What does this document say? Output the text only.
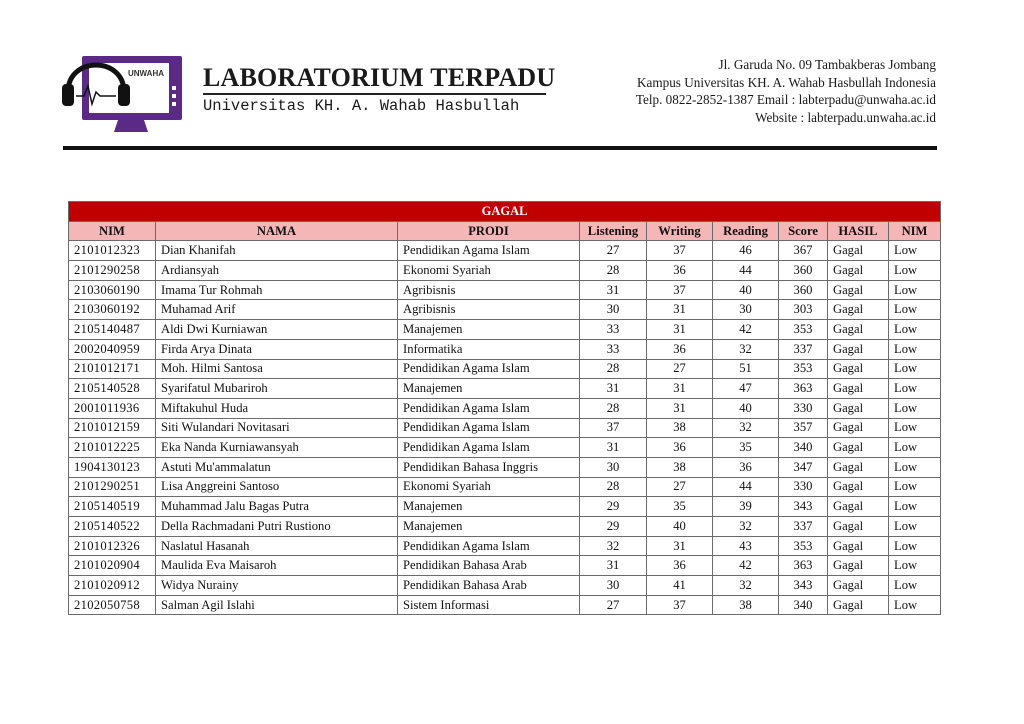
UNWAHA LABORATORIUM TERPADU
Universitas KH. A. Wahab Hasbullah
Jl. Garuda No. 09 Tambakberas Jombang
Kampus Universitas KH. A. Wahab Hasbullah Indonesia
Telp. 0822-2852-1387 Email : labterpadu@unwaha.ac.id
Website : labterpadu.unwaha.ac.id
GAGAL								
NIM	NAMA	PRODI	Listening	Writing	Reading	Score	HASIL	NIM
2101012323	Dian Khanifah	Pendidikan Agama Islam	27	37	46	367	Gagal	Low
2101290258	Ardiansyah	Ekonomi Syariah	28	36	44	360	Gagal	Low
2103060190	Imama Tur Rohmah	Agribisnis	31	37	40	360	Gagal	Low
2103060192	Muhamad Arif	Agribisnis	30	31	30	303	Gagal	Low
2105140487	Aldi Dwi Kurniawan	Manajemen	33	31	42	353	Gagal	Low
2002040959	Firda Arya Dinata	Informatika	33	36	32	337	Gagal	Low
2101012171	Moh. Hilmi Santosa	Pendidikan Agama Islam	28	27	51	353	Gagal	Low
2105140528	Syarifatul Mubariroh	Manajemen	31	31	47	363	Gagal	Low
2001011936	Miftakuhul Huda	Pendidikan Agama Islam	28	31	40	330	Gagal	Low
2101012159	Siti Wulandari Novitasari	Pendidikan Agama Islam	37	38	32	357	Gagal	Low
2101012225	Eka Nanda Kurniawansyah	Pendidikan Agama Islam	31	36	35	340	Gagal	Low
1904130123	Astuti Mu'ammalatun	Pendidikan Bahasa Inggris	30	38	36	347	Gagal	Low
2101290251	Lisa Anggreini Santoso	Ekonomi Syariah	28	27	44	330	Gagal	Low
2105140519	Muhammad Jalu Bagas Putra	Manajemen	29	35	39	343	Gagal	Low
2105140522	Della Rachmadani Putri Rustiono	Manajemen	29	40	32	337	Gagal	Low
2101012326	Naslatul Hasanah	Pendidikan Agama Islam	32	31	43	353	Gagal	Low
2101020904	Maulida Eva Maisaroh	Pendidikan Bahasa Arab	31	36	42	363	Gagal	Low
2101020912	Widya Nurainy	Pendidikan Bahasa Arab	30	41	32	343	Gagal	Low
2102050758	Salman Agil Islahi	Sistem Informasi	27	37	38	340	Gagal	Low
